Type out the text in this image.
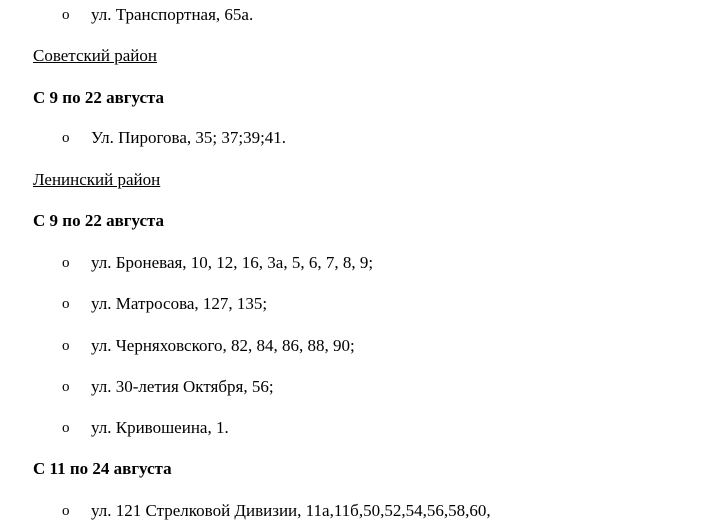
o ул. Транспортная, 65а.
Советский район
С 9 по 22 августа
o Ул. Пирогова, 35; 37;39;41.
Ленинский район
С 9 по 22 августа
o ул. Броневая, 10, 12, 16, 3а, 5, 6, 7, 8, 9;
o ул. Матросова, 127, 135;
o ул. Черняховского, 82, 84, 86, 88, 90;
o ул. 30-летия Октября, 56;
o ул. Кривошеина, 1.
С 11 по 24 августа
o ул. 121 Стрелковой Дивизии, 11а,11б,50,52,54,56,58,60,
